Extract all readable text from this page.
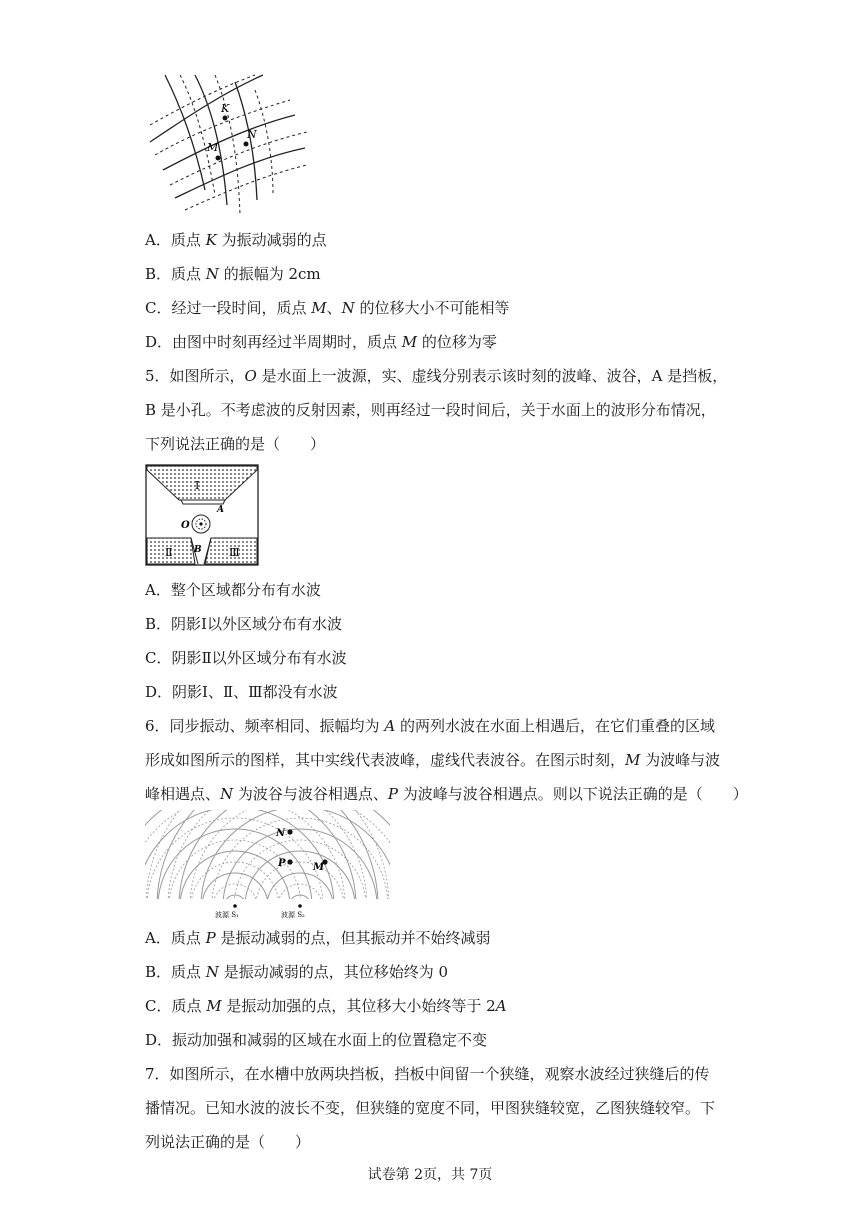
K
M
N
A．质点 K 为振动减弱的点
B．质点 N 的振幅为 2cm
C．经过一段时间，质点 M、N 的位移大小不可能相等
D．由图中时刻再经过半周期时，质点 M 的位移为零
5．如图所示，O 是水面上一波源，实、虚线分别表示该时刻的波峰、波谷，A 是挡板，
B 是小孔。不考虑波的反射因素，则再经过一段时间后，关于水面上的波形分布情况，
下列说法正确的是（　　）
Ⅰ
A
O
Ⅱ B Ⅲ
A．整个区域都分布有水波
B．阴影Ⅰ以外区域分布有水波
C．阴影Ⅱ以外区域分布有水波
D．阴影Ⅰ、Ⅱ、Ⅲ都没有水波
6．同步振动、频率相同、振幅均为 A 的两列水波在水面上相遇后，在它们重叠的区域
形成如图所示的图样，其中实线代表波峰，虚线代表波谷。在图示时刻，M 为波峰与波
峰相遇点、N 为波谷与波谷相遇点、P 为波峰与波谷相遇点。则以下说法正确的是（　　）
N
P	M
波源 S₁	波源 S₂
A．质点 P 是振动减弱的点，但其振动并不始终减弱
B．质点 N 是振动减弱的点，其位移始终为 0
C．质点 M 是振动加强的点，其位移大小始终等于 2A
D．振动加强和减弱的区域在水面上的位置稳定不变
7．如图所示，在水槽中放两块挡板，挡板中间留一个狭缝，观察水波经过狭缝后的传
播情况。已知水波的波长不变，但狭缝的宽度不同，甲图狭缝较宽，乙图狭缝较窄。下
列说法正确的是（　　）
试卷第 2页，共 7页
